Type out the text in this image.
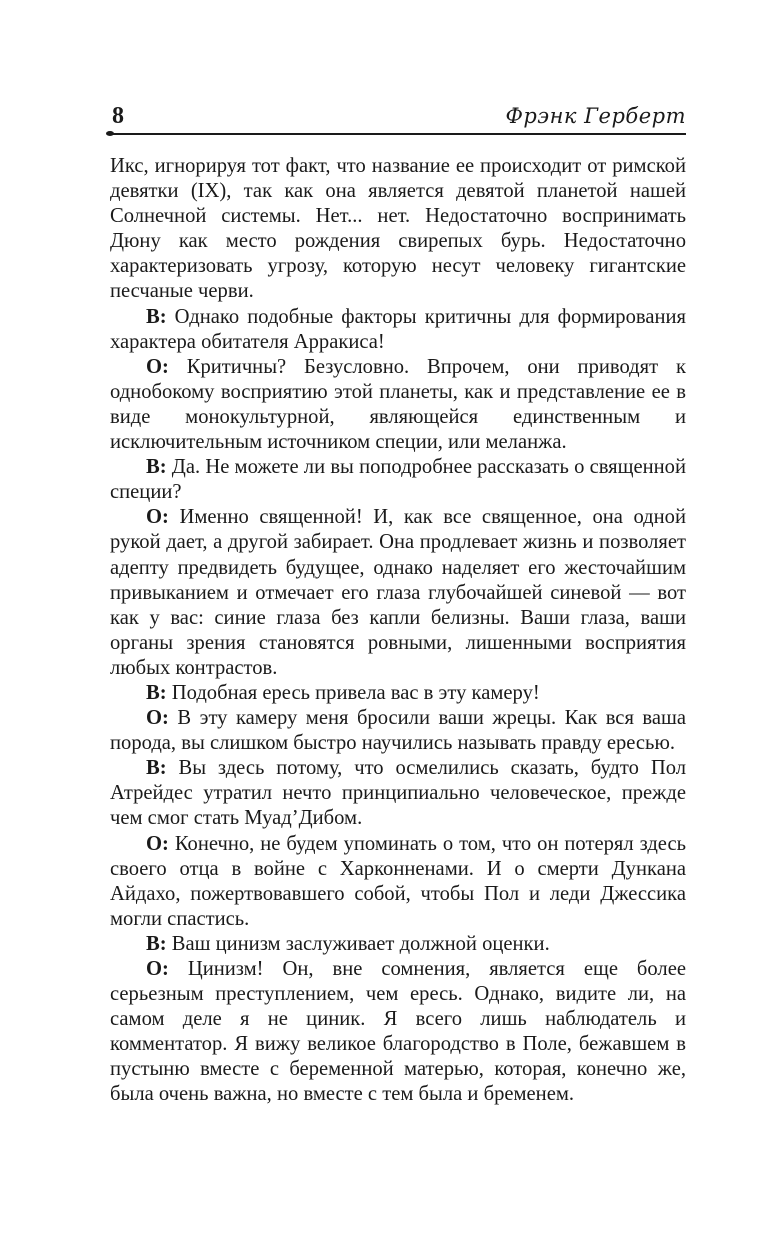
8	Фрэнк Герберт

Икс, игнорируя тот факт, что название ее происходит от римской девятки (IX), так как она является девятой планетой нашей Солнечной системы. Нет... нет. Недостаточно воспринимать Дюну как место рождения свирепых бурь. Недостаточно характеризовать угрозу, которую несут человеку гигантские песчаные черви.

В: Однако подобные факторы критичны для формирования характера обитателя Арракиса!

О: Критичны? Безусловно. Впрочем, они приводят к однобокому восприятию этой планеты, как и представление ее в виде монокультурной, являющейся единственным и исключительным источником специи, или меланжа.

В: Да. Не можете ли вы поподробнее рассказать о священной специи?

О: Именно священной! И, как все священное, она одной рукой дает, а другой забирает. Она продлевает жизнь и позволяет адепту предвидеть будущее, однако наделяет его жесточайшим привыканием и отмечает его глаза глубочайшей синевой — вот как у вас: синие глаза без капли белизны. Ваши глаза, ваши органы зрения становятся ровными, лишенными восприятия любых контрастов.

В: Подобная ересь привела вас в эту камеру!

О: В эту камеру меня бросили ваши жрецы. Как вся ваша порода, вы слишком быстро научились называть правду ересью.

В: Вы здесь потому, что осмелились сказать, будто Пол Атрейдес утратил нечто принципиально человеческое, прежде чем смог стать Муад’Дибом.

О: Конечно, не будем упоминать о том, что он потерял здесь своего отца в войне с Харконненами. И о смерти Дункана Айдахо, пожертвовавшего собой, чтобы Пол и леди Джессика могли спастись.

В: Ваш цинизм заслуживает должной оценки.

О: Цинизм! Он, вне сомнения, является еще более серьезным преступлением, чем ересь. Однако, видите ли, на самом деле я не циник. Я всего лишь наблюдатель и комментатор. Я вижу великое благородство в Поле, бежавшем в пустыню вместе с беременной матерью, которая, конечно же, была очень важна, но вместе с тем была и бременем.
